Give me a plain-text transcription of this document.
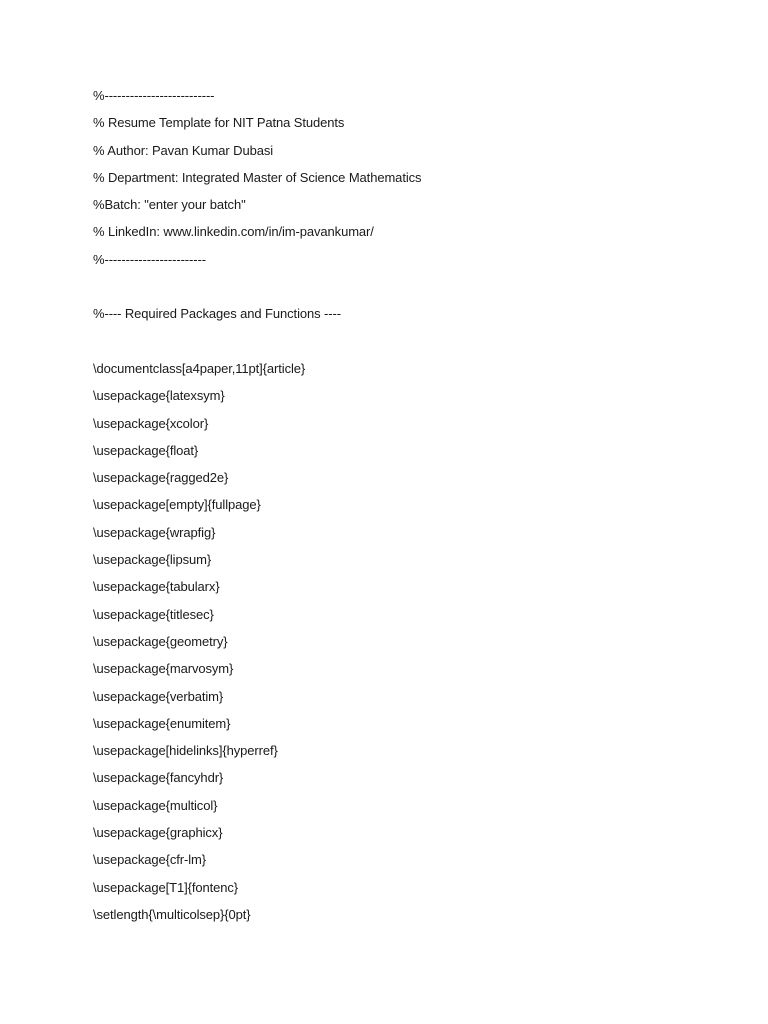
%--------------------------
% Resume Template for NIT Patna Students
% Author: Pavan Kumar Dubasi
% Department: Integrated Master of Science Mathematics
%Batch: "enter your batch"
% LinkedIn: www.linkedin.com/in/im-pavankumar/
%------------------------
%---- Required Packages and Functions ----
\documentclass[a4paper,11pt]{article}
\usepackage{latexsym}
\usepackage{xcolor}
\usepackage{float}
\usepackage{ragged2e}
\usepackage[empty]{fullpage}
\usepackage{wrapfig}
\usepackage{lipsum}
\usepackage{tabularx}
\usepackage{titlesec}
\usepackage{geometry}
\usepackage{marvosym}
\usepackage{verbatim}
\usepackage{enumitem}
\usepackage[hidelinks]{hyperref}
\usepackage{fancyhdr}
\usepackage{multicol}
\usepackage{graphicx}
\usepackage{cfr-lm}
\usepackage[T1]{fontenc}
\setlength{\multicolsep}{0pt}
